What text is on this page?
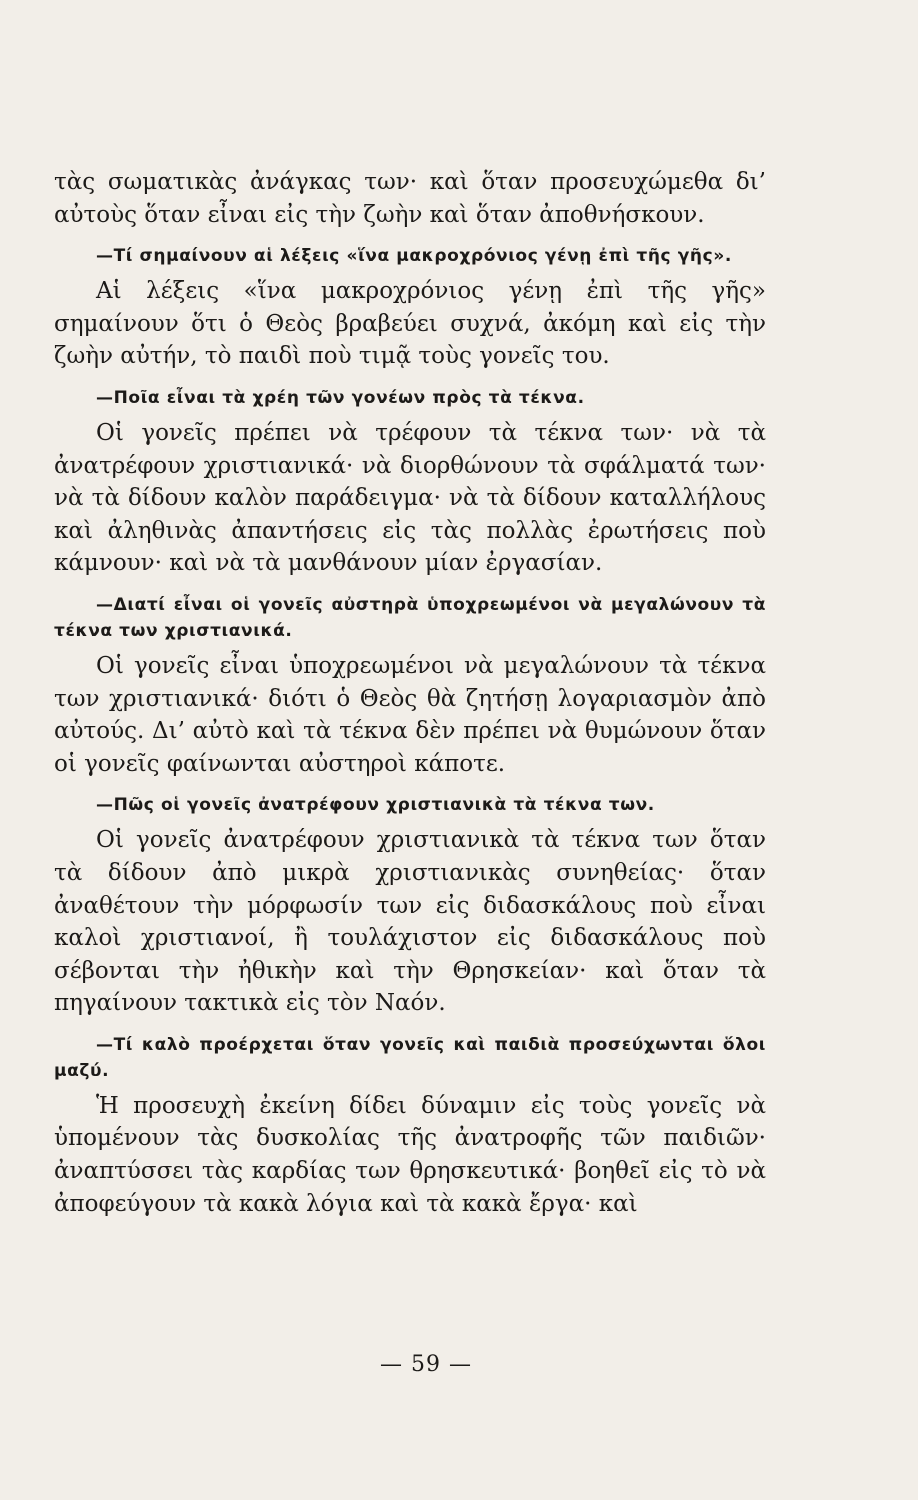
τὰς σωματικὰς ἀνάγκας των· καὶ ὅταν προσευχώμεθα δι’ αὐτοὺς ὅταν εἶναι εἰς τὴν ζωὴν καὶ ὅταν ἀποθνήσκουν.

—Τί σημαίνουν αἱ λέξεις «ἵνα μακροχρόνιος γένῃ ἐπὶ τῆς γῆς».

Αἱ λέξεις «ἵνα μακροχρόνιος γένῃ ἐπὶ τῆς γῆς» σημαίνουν ὅτι ὁ Θεὸς βραβεύει συχνά, ἀκόμη καὶ εἰς τὴν ζωὴν αὐτήν, τὸ παιδὶ ποὺ τιμᾷ τοὺς γονεῖς του.

—Ποῖα εἶναι τὰ χρέη τῶν γονέων πρὸς τὰ τέκνα.

Οἱ γονεῖς πρέπει νὰ τρέφουν τὰ τέκνα των· νὰ τὰ ἀνατρέφουν χριστιανικά· νὰ διορθώνουν τὰ σφάλματά των· νὰ τὰ δίδουν καλὸν παράδειγμα· νὰ τὰ δίδουν καταλλήλους καὶ ἀληθινὰς ἀπαντήσεις εἰς τὰς πολλὰς ἐρωτήσεις ποὺ κάμνουν· καὶ νὰ τὰ μανθάνουν μίαν ἐργασίαν.

—Διατί εἶναι οἱ γονεῖς αὐστηρὰ ὑποχρεωμένοι νὰ μεγαλώνουν τὰ τέκνα των χριστιανικά.

Οἱ γονεῖς εἶναι ὑποχρεωμένοι νὰ μεγαλώνουν τὰ τέκνα των χριστιανικά· διότι ὁ Θεὸς θὰ ζητήσῃ λογαριασμὸν ἀπὸ αὐτούς. Δι’ αὐτὸ καὶ τὰ τέκνα δὲν πρέπει νὰ θυμώνουν ὅταν οἱ γονεῖς φαίνωνται αὐστηροὶ κάποτε.

—Πῶς οἱ γονεῖς ἀνατρέφουν χριστιανικὰ τὰ τέκνα των.

Οἱ γονεῖς ἀνατρέφουν χριστιανικὰ τὰ τέκνα των ὅταν τὰ δίδουν ἀπὸ μικρὰ χριστιανικὰς συνηθείας· ὅταν ἀναθέτουν τὴν μόρφωσίν των εἰς διδασκάλους ποὺ εἶναι καλοὶ χριστιανοί, ἢ τουλάχιστον εἰς διδασκάλους ποὺ σέβονται τὴν ἠθικὴν καὶ τὴν Θρησκείαν· καὶ ὅταν τὰ πηγαίνουν τακτικὰ εἰς τὸν Ναόν.

—Τί καλὸ προέρχεται ὅταν γονεῖς καὶ παιδιὰ προσεύχωνται ὅλοι μαζύ.

Ἡ προσευχὴ ἐκείνη δίδει δύναμιν εἰς τοὺς γονεῖς νὰ ὑπομένουν τὰς δυσκολίας τῆς ἀνατροφῆς τῶν παιδιῶν· ἀναπτύσσει τὰς καρδίας των θρησκευτικά· βοηθεῖ εἰς τὸ νὰ ἀποφεύγουν τὰ κακὰ λόγια καὶ τὰ κακὰ ἔργα· καὶ

— 59 —
